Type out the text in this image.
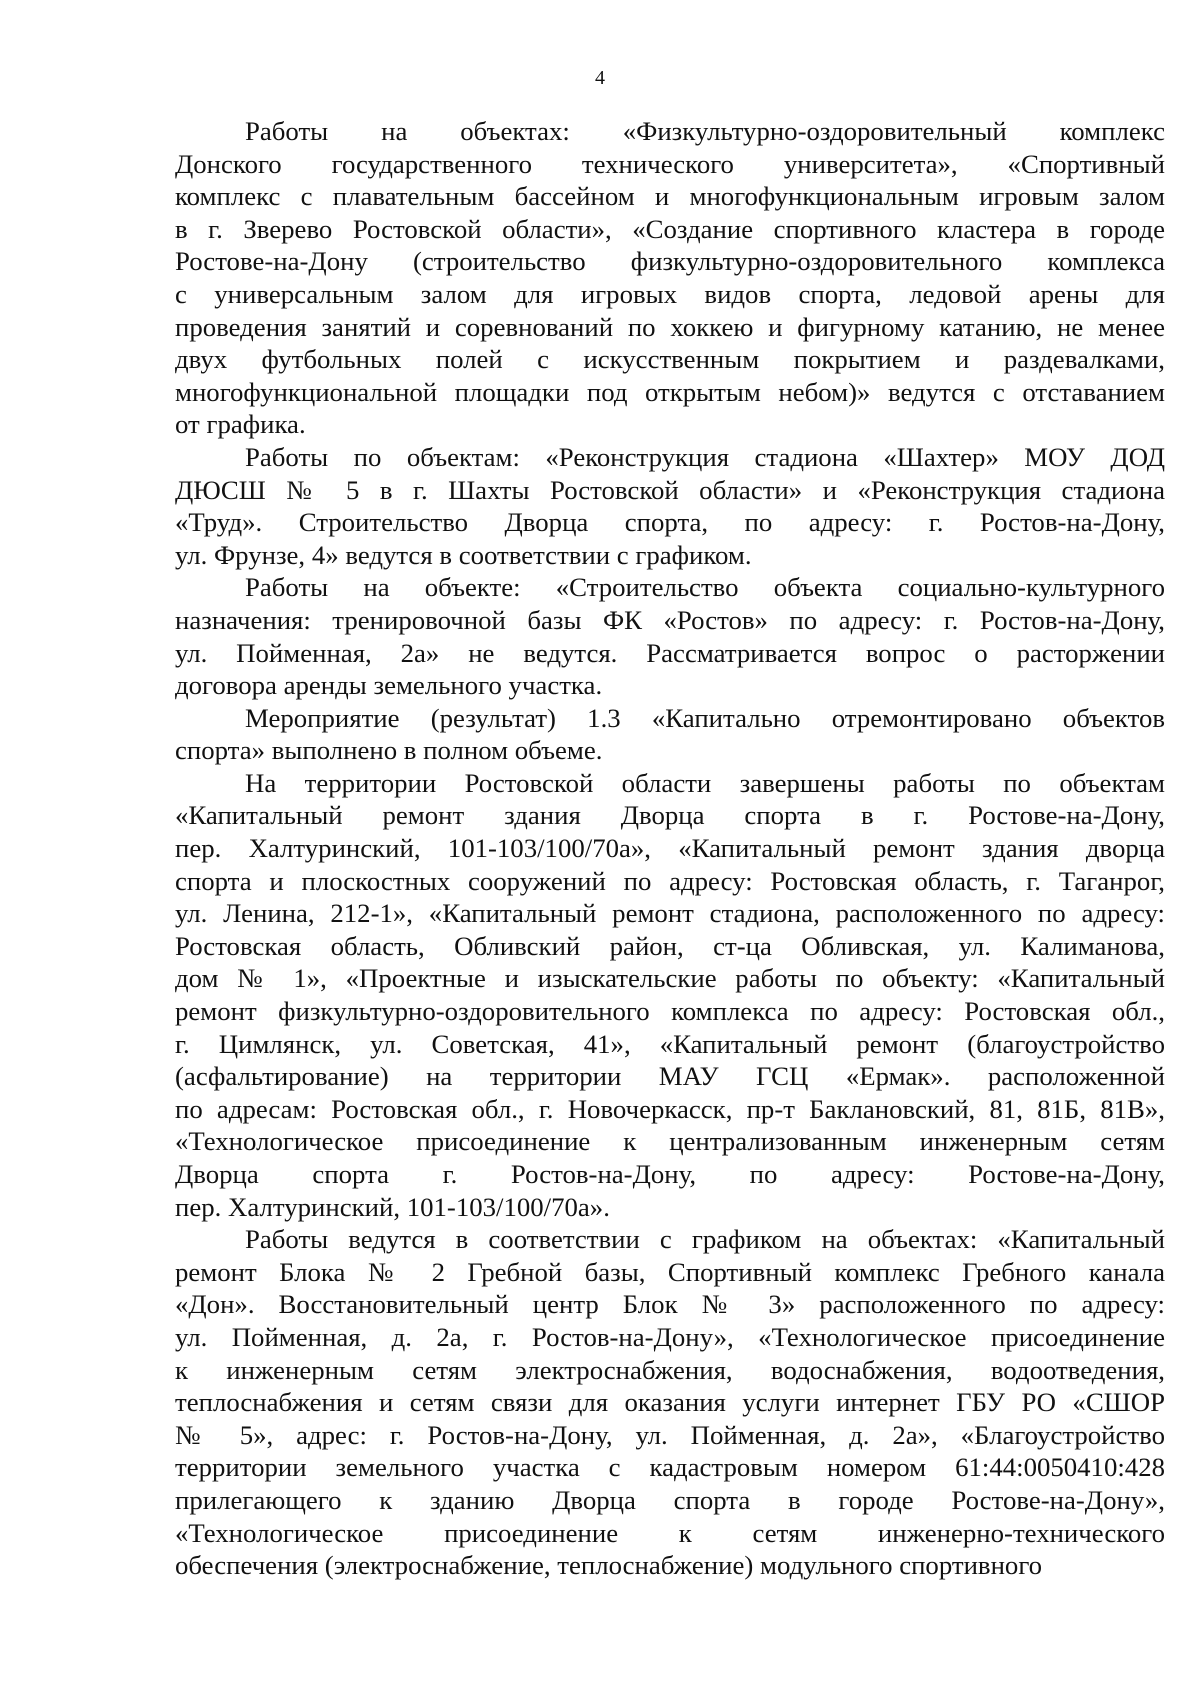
4
Работы на объектах: «Физкультурно-оздоровительный комплекс
Донского государственного технического университета», «Спортивный
комплекс с плавательным бассейном и многофункциональным игровым залом
в г. Зверево Ростовской области», «Создание спортивного кластера в городе
Ростове-на-Дону (строительство физкультурно-оздоровительного комплекса
с универсальным залом для игровых видов спорта, ледовой арены для
проведения занятий и соревнований по хоккею и фигурному катанию, не менее
двух футбольных полей с искусственным покрытием и раздевалками,
многофункциональной площадки под открытым небом)» ведутся с отставанием
от графика.
Работы по объектам: «Реконструкция стадиона «Шахтер» МОУ ДОД
ДЮСШ № 5 в г. Шахты Ростовской области» и «Реконструкция стадиона
«Труд». Строительство Дворца спорта, по адресу: г. Ростов-на-Дону,
ул. Фрунзе, 4» ведутся в соответствии с графиком.
Работы на объекте: «Строительство объекта социально-культурного
назначения: тренировочной базы ФК «Ростов» по адресу: г. Ростов-на-Дону,
ул. Пойменная, 2а» не ведутся. Рассматривается вопрос о расторжении
договора аренды земельного участка.
Мероприятие (результат) 1.3 «Капитально отремонтировано объектов
спорта» выполнено в полном объеме.
На территории Ростовской области завершены работы по объектам
«Капитальный ремонт здания Дворца спорта в г. Ростове-на-Дону,
пер. Халтуринский, 101-103/100/70а», «Капитальный ремонт здания дворца
спорта и плоскостных сооружений по адресу: Ростовская область, г. Таганрог,
ул. Ленина, 212-1», «Капитальный ремонт стадиона, расположенного по адресу:
Ростовская область, Обливский район, ст-ца Обливская, ул. Калиманова,
дом № 1», «Проектные и изыскательские работы по объекту: «Капитальный
ремонт физкультурно-оздоровительного комплекса по адресу: Ростовская обл.,
г. Цимлянск, ул. Советская, 41», «Капитальный ремонт (благоустройство
(асфальтирование) на территории МАУ ГСЦ «Ермак». расположенной
по адресам: Ростовская обл., г. Новочеркасск, пр-т Баклановский, 81, 81Б, 81В»,
«Технологическое присоединение к централизованным инженерным сетям
Дворца спорта г. Ростов-на-Дону, по адресу: Ростове-на-Дону,
пер. Халтуринский, 101-103/100/70а».
Работы ведутся в соответствии с графиком на объектах: «Капитальный
ремонт Блока № 2 Гребной базы, Спортивный комплекс Гребного канала
«Дон». Восстановительный центр Блок № 3» расположенного по адресу:
ул. Пойменная, д. 2а, г. Ростов-на-Дону», «Технологическое присоединение
к инженерным сетям электроснабжения, водоснабжения, водоотведения,
теплоснабжения и сетям связи для оказания услуги интернет ГБУ РО «СШОР
№ 5», адрес: г. Ростов-на-Дону, ул. Пойменная, д. 2а», «Благоустройство
территории земельного участка с кадастровым номером 61:44:0050410:428
прилегающего к зданию Дворца спорта в городе Ростове-на-Дону»,
«Технологическое присоединение к сетям инженерно-технического
обеспечения (электроснабжение, теплоснабжение) модульного спортивного
